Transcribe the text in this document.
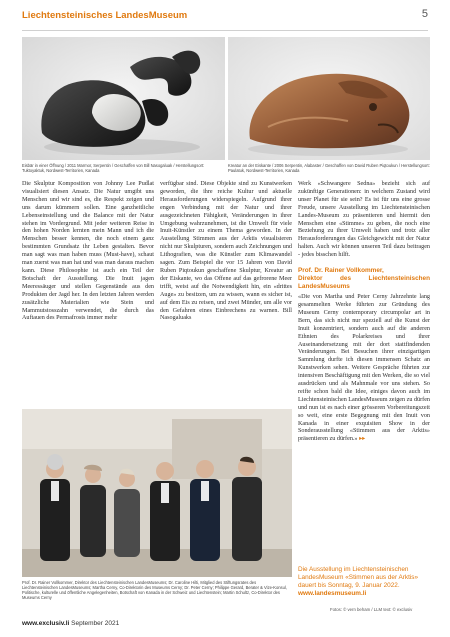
Liechtensteinisches LandesMuseum	5
Eisbär in einer Öffnung / 2011 Marmor, Serpentin / Geschaffen von Bill Nasogaluak / Herstellungsort: Tuktoyaktuk, Nordwest-Territorien, Kanada
Kreatur an der Eiskante / 2006 Serpentin, Alabaster / Geschaffen von David Ruben Piqtoukun / Herstellungsort: Paulatuk, Nordwest-Territorien, Kanada

Die Skulptur Komposition von Johnny Lee Pudlat visualisiert diesen Ansatz. Die Natur umgibt uns Menschen und wir sind es, die Respekt zeigen und uns darum kümmern sollen. Eine ganzheitliche Lebenseinstellung und die Balance mit der Natur stehen im Vordergrund. Mit jeder weiteren Reise in den hohen Norden lernten mein Mann und ich die Menschen besser kennen, die noch einem ganz bestimmten Grundsatz ihr Leben gestalten. Bevor man sagt was man haben muss (Must-have), schaut man zuerst was man hat und was man daraus machen kann. Diese Philosophie ist auch ein Teil der Botschaft der Ausstellung. Die Inuit jagen Meeressäuger und stellen Gegenstände aus den Produkten der Jagd her. In den letzten Jahren werden zusätzliche Materialien wie Stein und Mammutstosszahn verwendet, die durch das Auftauen des Permafrosts immer mehr

verfügbar sind. Diese Objekte sind zu Kunstwerken geworden, die ihre reiche Kultur und aktuelle Herausforderungen widerspiegeln. Aufgrund ihrer engen Verbindung mit der Natur und ihrer ausgezeichneten Fähigkeit, Veränderungen in ihrer Umgebung wahrzunehmen, ist die Umwelt für viele Inuit-Künstler zu einem Thema geworden. In der Ausstellung Stimmen aus der Arktis visualisieren nicht nur Skulpturen, sondern auch Zeichnungen und Lithografien, was die Künstler zum Klimawandel sagen. Zum Beispiel die vor 15 Jahren von David Ruben Piqtoukun geschaffene Skulptur, Kreatur an der Eiskante, wo das Offene auf das gefrorene Meer trifft, weist auf die Notwendigkeit hin, ein «drittes Auge» zu besitzen, um zu wissen, wann es sicher ist, auf dem Eis zu reisen, und zwei Münder, um alle vor den Gefahren eines Einbrechens zu warnen. Bill Nasogaluaks

Werk «Schwangere Sedna» bezieht sich auf zukünftige Generationen: in welchem Zustand wird unser Planet für sie sein? Es ist für uns eine grosse Freude, unsere Ausstellung im Liechtensteinischen Landes-Museum zu präsentieren und hiermit den Menschen eine «Stimme» zu geben, die noch eine Beziehung zu ihrer Umwelt haben und trotz aller Herausforderungen das Gleichgewicht mit der Natur halten. Auch wir können unseren Teil dazu beitragen - jedes bisschen hilft.

Prof. Dr. Rainer Vollkommer,
Direktor des Liechtensteinischen LandesMuseums

«Die von Martha und Peter Cerny Jahrzehnte lang gesammelten Werke führten zur Gründung des Museum Cerny contemporary circumpolar art in Bern, das sich nicht nur speziell auf die Kunst der Inuit konzentriert, sondern auch auf die anderen Ethnien des Polarkreises und ihrer Auseinandersetzung mit der dort stattfindenden Veränderungen. Bei Besuchen ihrer einzigartigen Sammlung durfte ich diesen immensen Schatz an Kunstwerken sehen. Weitere Gespräche führten zur intensiven Beschäftigung mit den Werken, die so viel ausdrücken und als Mahnmale vor uns stehen. So reifte schon bald die Idee, einiges davon auch im Liechtensteinischen LandesMuseum zeigen zu dürfen und nun ist es nach einer grösseren Vorbereitungszeit so weit, eine erste Begegnung mit den Inuit von Kanada in einer exquisiten Show in der Sonderausstellung «Stimmen aus der Arktis» präsentieren zu dürfen.» ▸▸

Prof. Dr. Rainer Vollkommer, Direktor des Liechtensteinischen LandesMuseums; Dr. Caroline Hilti, Mitglied des Stiftungsrates des Liechtensteinischen LandesMuseums; Martha Cerny, Co-Direktorin des Museums Cerny; Dr. Peter Cerny; Philippe Gerard, Berater & Vize-Konsul, Politische, kulturelle und öffentliche Angelegenheiten, Botschaft von Kanada in der Schweiz und Liechtenstein; Martin Schultz, Co-Direktor des Museums Cerny
Die Ausstellung im Liechtensteinischen LandesMuseum «Stimmen aus der Arktis» dauert bis Sonntag, 9. Januar 2022.
www.landesmuseum.li
Fotos: © vern beham / LLM text: © exclusiv
www.exclusiv.li September 2021
